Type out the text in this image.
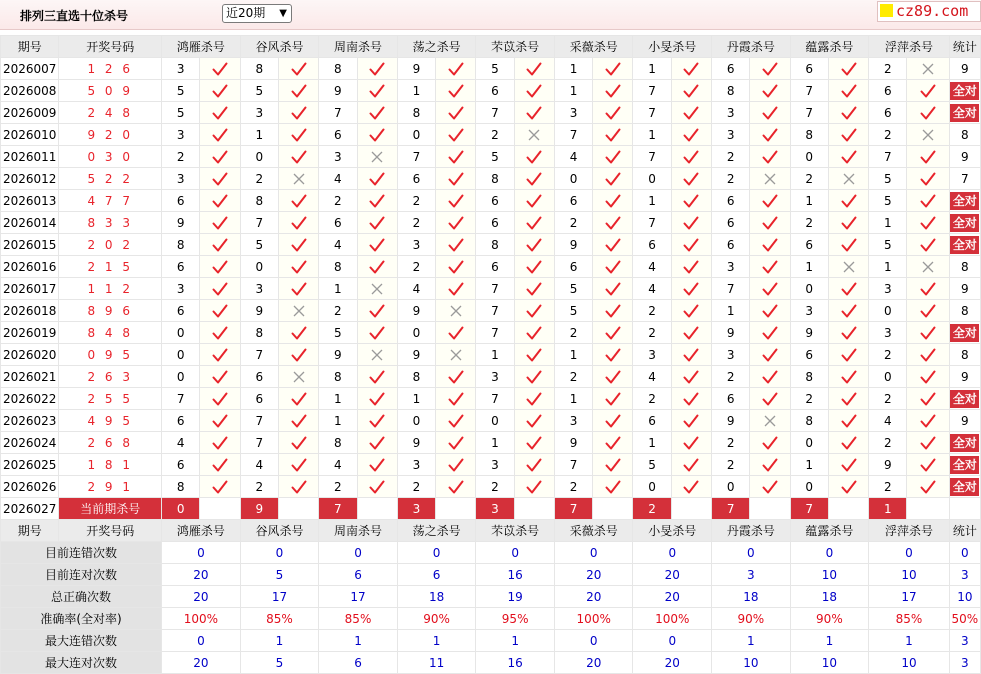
排列三直选十位杀号	近20期 ▼	cz89.com
期号	开奖号码	鸿雁杀号		谷风杀号		周南杀号		荡之杀号		芣苡杀号		采薇杀号		小旻杀号		丹霞杀号		蕴露杀号		浮萍杀号		统计
2026007	1 2 6	3		8		8		9		5		1		1		6		6		2		9
2026008	5 0 9	5		5		9		1		6		1		7		8		7		6		全对
2026009	2 4 8	5		3		7		8		7		3		7		3		7		6		全对
2026010	9 2 0	3		1		6		0		2		7		1		3		8		2		8
2026011	0 3 0	2		0		3		7		5		4		7		2		0		7		9
2026012	5 2 2	3		2		4		6		8		0		0		2		2		5		7
2026013	4 7 7	6		8		2		2		6		6		1		6		1		5		全对
2026014	8 3 3	9		7		6		2		6		2		7		6		2		1		全对
2026015	2 0 2	8		5		4		3		8		9		6		6		6		5		全对
2026016	2 1 5	6		0		8		2		6		6		4		3		1		1		8
2026017	1 1 2	3		3		1		4		7		5		4		7		0		3		9
2026018	8 9 6	6		9		2		9		7		5		2		1		3		0		8
2026019	8 4 8	0		8		5		0		7		2		2		9		9		3		全对
2026020	0 9 5	0		7		9		9		1		1		3		3		6		2		8
2026021	2 6 3	0		6		8		8		3		2		4		2		8		0		9
2026022	2 5 5	7		6		1		1		7		1		2		6		2		2		全对
2026023	4 9 5	6		7		1		0		0		3		6		9		8		4		9
2026024	2 6 8	4		7		8		9		1		9		1		2		0		2		全对
2026025	1 8 1	6		4		4		3		3		7		5		2		1		9		全对
2026026	2 9 1	8		2		2		2		2		2		0		0		0		2		全对
2026027	当前期杀号	0		9		7		3		3		7		2		7		7		1		
期号	开奖号码	鸿雁杀号		谷风杀号		周南杀号		荡之杀号		芣苡杀号		采薇杀号		小旻杀号		丹霞杀号		蕴露杀号		浮萍杀号		统计
目前连错次数		0		0		0		0		0		0		0		0		0		0		0
目前连对次数		20		5		6		6		16		20		20		3		10		10		3
总正确次数		20		17		17		18		19		20		20		18		18		17		10
准确率(全对率)		100%		85%		85%		90%		95%		100%		100%		90%		90%		85%		50%
最大连错次数		0		1		1		1		1		0		0		1		1		1		3
最大连对次数		20		5		6		11		16		20		20		10		10		10		3
